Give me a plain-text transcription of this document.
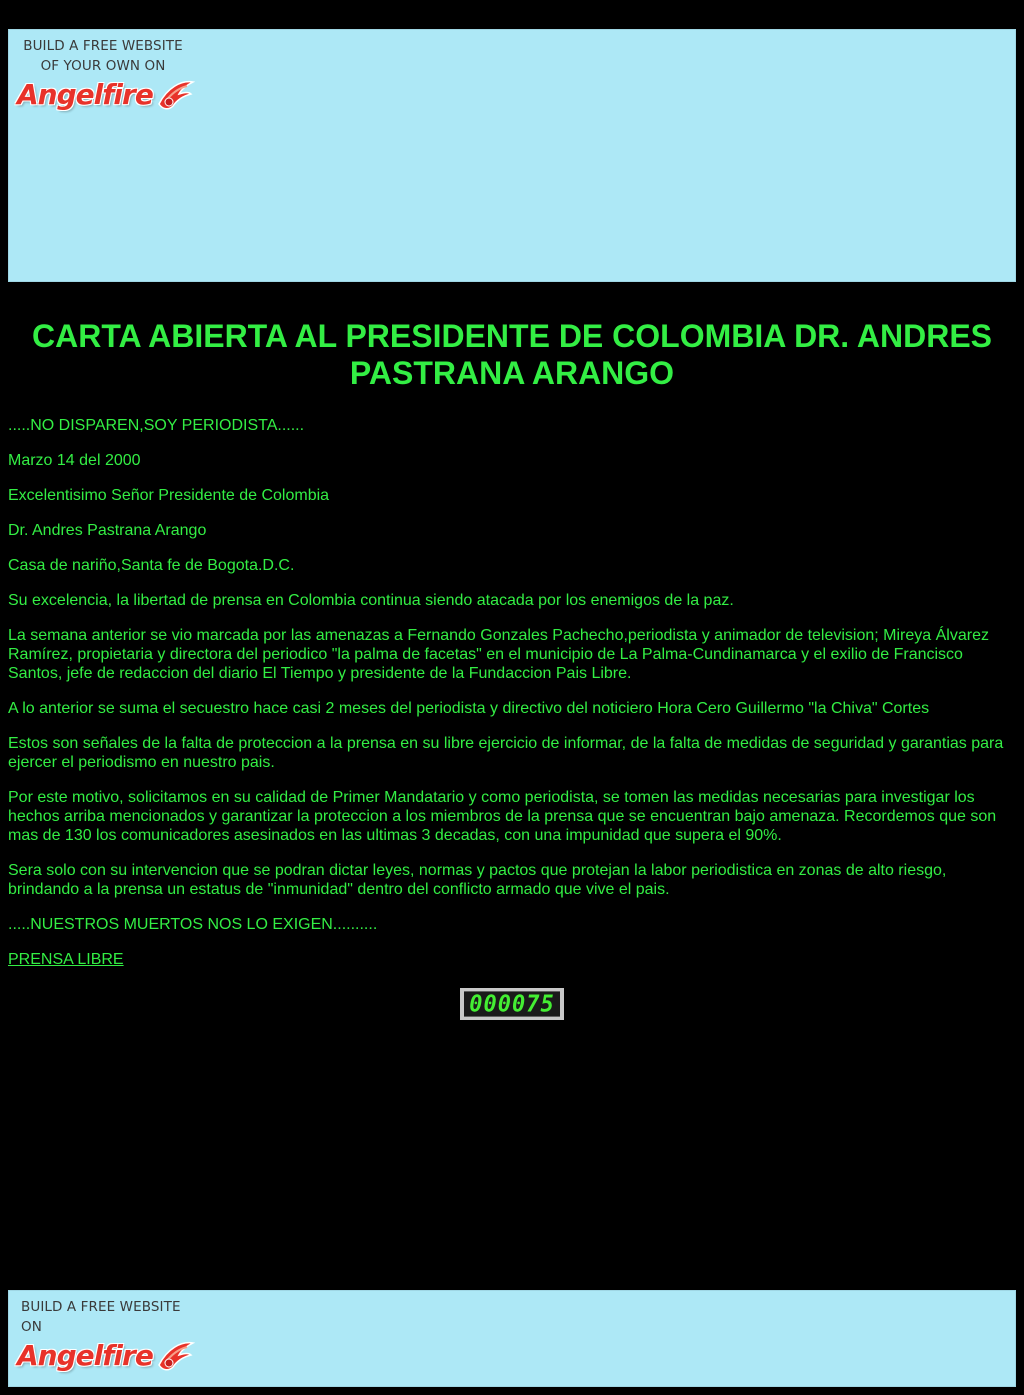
BUILD A FREE WEBSITE
OF YOUR OWN ON
Angelfire
CARTA ABIERTA AL PRESIDENTE DE COLOMBIA DR. ANDRES PASTRANA ARANGO

.....NO DISPAREN,SOY PERIODISTA......

Marzo 14 del 2000

Excelentisimo Señor Presidente de Colombia

Dr. Andres Pastrana Arango

Casa de nariño,Santa fe de Bogota.D.C.

Su excelencia, la libertad de prensa en Colombia continua siendo atacada por los enemigos de la paz.

La semana anterior se vio marcada por las amenazas a Fernando Gonzales Pachecho,periodista y animador de television; Mireya Álvarez Ramírez, propietaria y directora del periodico "la palma de facetas" en el municipio de La Palma-Cundinamarca y el exilio de Francisco Santos, jefe de redaccion del diario El Tiempo y presidente de la Fundaccion Pais Libre.

A lo anterior se suma el secuestro hace casi 2 meses del periodista y directivo del noticiero Hora Cero Guillermo "la Chiva" Cortes

Estos son señales de la falta de proteccion a la prensa en su libre ejercicio de informar, de la falta de medidas de seguridad y garantias para ejercer el periodismo en nuestro pais.

Por este motivo, solicitamos en su calidad de Primer Mandatario y como periodista, se tomen las medidas necesarias para investigar los hechos arriba mencionados y garantizar la proteccion a los miembros de la prensa que se encuentran bajo amenaza. Recordemos que son mas de 130 los comunicadores asesinados en las ultimas 3 decadas, con una impunidad que supera el 90%.

Sera solo con su intervencion que se podran dictar leyes, normas y pactos que protejan la labor periodistica en zonas de alto riesgo, brindando a la prensa un estatus de "inmunidad" dentro del conflicto armado que vive el pais.

.....NUESTROS MUERTOS NOS LO EXIGEN..........

PRENSA LIBRE

000075
BUILD A FREE WEBSITE ON
Angelfire
